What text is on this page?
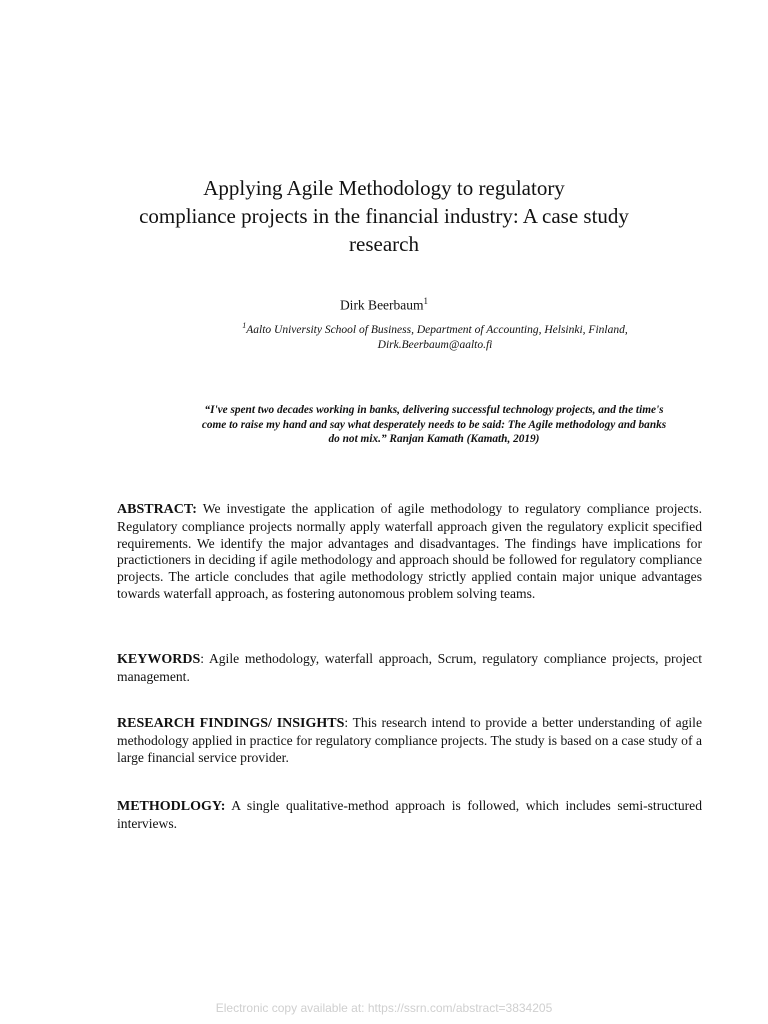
Applying Agile Methodology to regulatory
compliance projects in the financial industry: A case study
research
Dirk Beerbaum$^1$
$^1$Aalto University School of Business, Department of Accounting, Helsinki, Finland,
Dirk.Beerbaum@aalto.fi
“I've spent two decades working in banks, delivering successful technology projects, and the time's
come to raise my hand and say what desperately needs to be said: The Agile methodology and banks
do not mix.” Ranjan Kamath (Kamath, 2019)

ABSTRACT: We investigate the application of agile methodology to regulatory compliance projects. Regulatory compliance projects normally apply waterfall approach given the regulatory explicit specified requirements. We identify the major advantages and disadvantages. The findings have implications for practictioners in deciding if agile methodology and approach should be followed for regulatory compliance projects. The article concludes that agile methodology strictly applied contain major unique advantages towards waterfall approach, as fostering autonomous problem solving teams.

KEYWORDS: Agile methodology, waterfall approach, Scrum, regulatory compliance projects, project management.

RESEARCH FINDINGS/ INSIGHTS: This research intend to provide a better understanding of agile methodology applied in practice for regulatory compliance projects. The study is based on a case study of a large financial service provider.

METHODLOGY: A single qualitative-method approach is followed, which includes semi-structured interviews.

Electronic copy available at: https://ssrn.com/abstract=3834205
